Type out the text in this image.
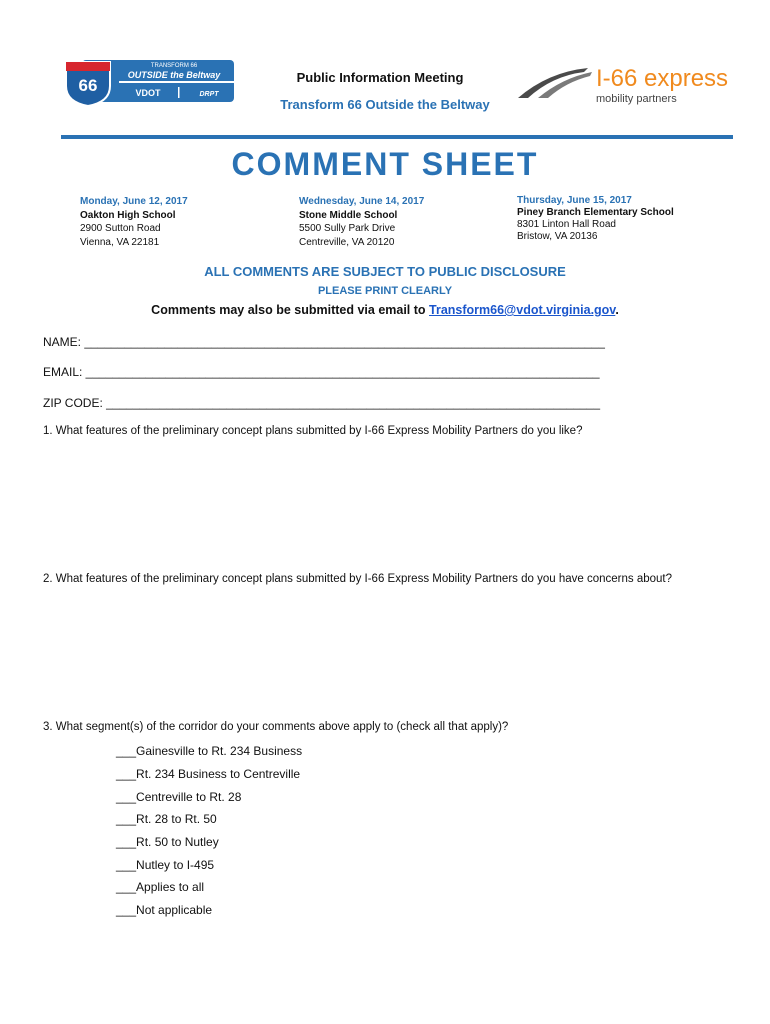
66
TRANSFORM 66
OUTSIDE the Beltway
VDOT	DRPT
I-66 express
mobility partners
Public Information Meeting
Transform 66 Outside the Beltway
COMMENT SHEET
Monday, June 12, 2017
Oakton High School
2900 Sutton Road
Vienna, VA 22181
Wednesday, June 14, 2017
Stone Middle School
5500 Sully Park Drive
Centreville, VA 20120
Thursday, June 15, 2017
Piney Branch Elementary School
8301 Linton Hall Road
Bristow, VA 20136
ALL COMMENTS ARE SUBJECT TO PUBLIC DISCLOSURE
PLEASE PRINT CLEARLY
Comments may also be submitted via email to Transform66@vdot.virginia.gov.
NAME: ______________________________________________________________________________
EMAIL: _____________________________________________________________________________
ZIP CODE: __________________________________________________________________________
1. What features of the preliminary concept plans submitted by I-66 Express Mobility Partners do you like?
2. What features of the preliminary concept plans submitted by I-66 Express Mobility Partners do you have concerns about?
3. What segment(s) of the corridor do your comments above apply to (check all that apply)?
___Gainesville to Rt. 234 Business
___Rt. 234 Business to Centreville
___Centreville to Rt. 28
___Rt. 28 to Rt. 50
___Rt. 50 to Nutley
___Nutley to I-495
___Applies to all
___Not applicable
